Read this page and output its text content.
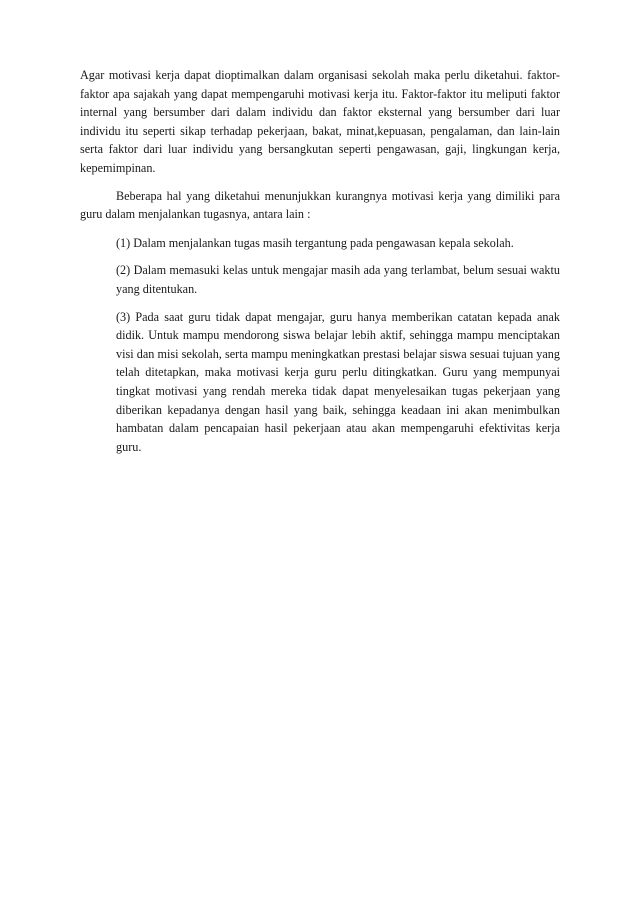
Agar motivasi kerja dapat dioptimalkan dalam organisasi sekolah maka perlu diketahui. faktor-faktor apa sajakah yang dapat mempengaruhi motivasi kerja itu. Faktor-faktor itu meliputi faktor internal yang bersumber dari dalam individu dan faktor eksternal yang bersumber dari luar individu itu seperti sikap terhadap pekerjaan, bakat, minat,kepuasan, pengalaman, dan lain-lain serta faktor dari luar individu yang bersangkutan seperti pengawasan, gaji, lingkungan kerja, kepemimpinan.

Beberapa hal yang diketahui menunjukkan kurangnya motivasi kerja yang dimiliki para guru dalam menjalankan tugasnya, antara lain :

(1) Dalam menjalankan tugas masih tergantung pada pengawasan kepala sekolah.

(2) Dalam memasuki kelas untuk mengajar masih ada yang terlambat, belum sesuai waktu yang ditentukan.

(3) Pada saat guru tidak dapat mengajar, guru hanya memberikan catatan kepada anak didik. Untuk mampu mendorong siswa belajar lebih aktif, sehingga mampu menciptakan visi dan misi sekolah, serta mampu meningkatkan prestasi belajar siswa sesuai tujuan yang telah ditetapkan, maka motivasi kerja guru perlu ditingkatkan. Guru yang mempunyai tingkat motivasi yang rendah mereka tidak dapat menyelesaikan tugas pekerjaan yang diberikan kepadanya dengan hasil yang baik, sehingga keadaan ini akan menimbulkan hambatan dalam pencapaian hasil pekerjaan atau akan mempengaruhi efektivitas kerja guru.
